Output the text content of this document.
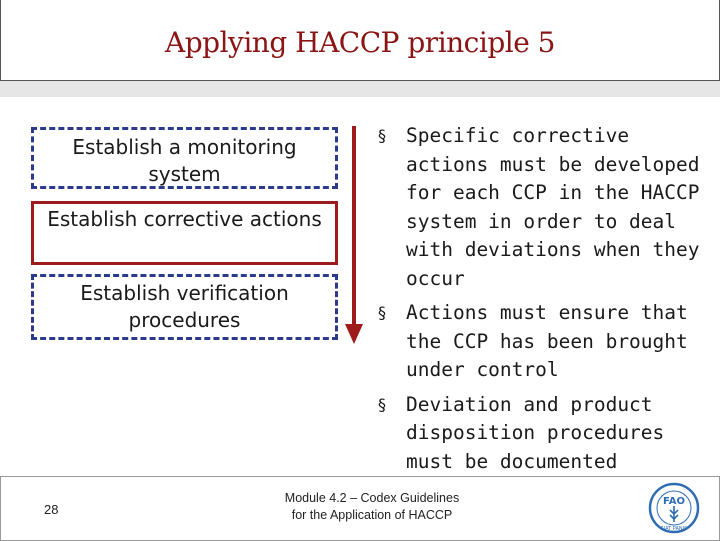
Applying HACCP principle 5
Establish a monitoring system
Establish corrective actions
Establish verification procedures
§ Specific corrective actions must be developed for each CCP in the HACCP system in order to deal with deviations when they occur
§ Actions must ensure that the CCP has been brought under control
§ Deviation and product disposition procedures must be documented
28
Module 4.2 – Codex Guidelines
for the Application of HACCP
FAO
FIAT PANIS
